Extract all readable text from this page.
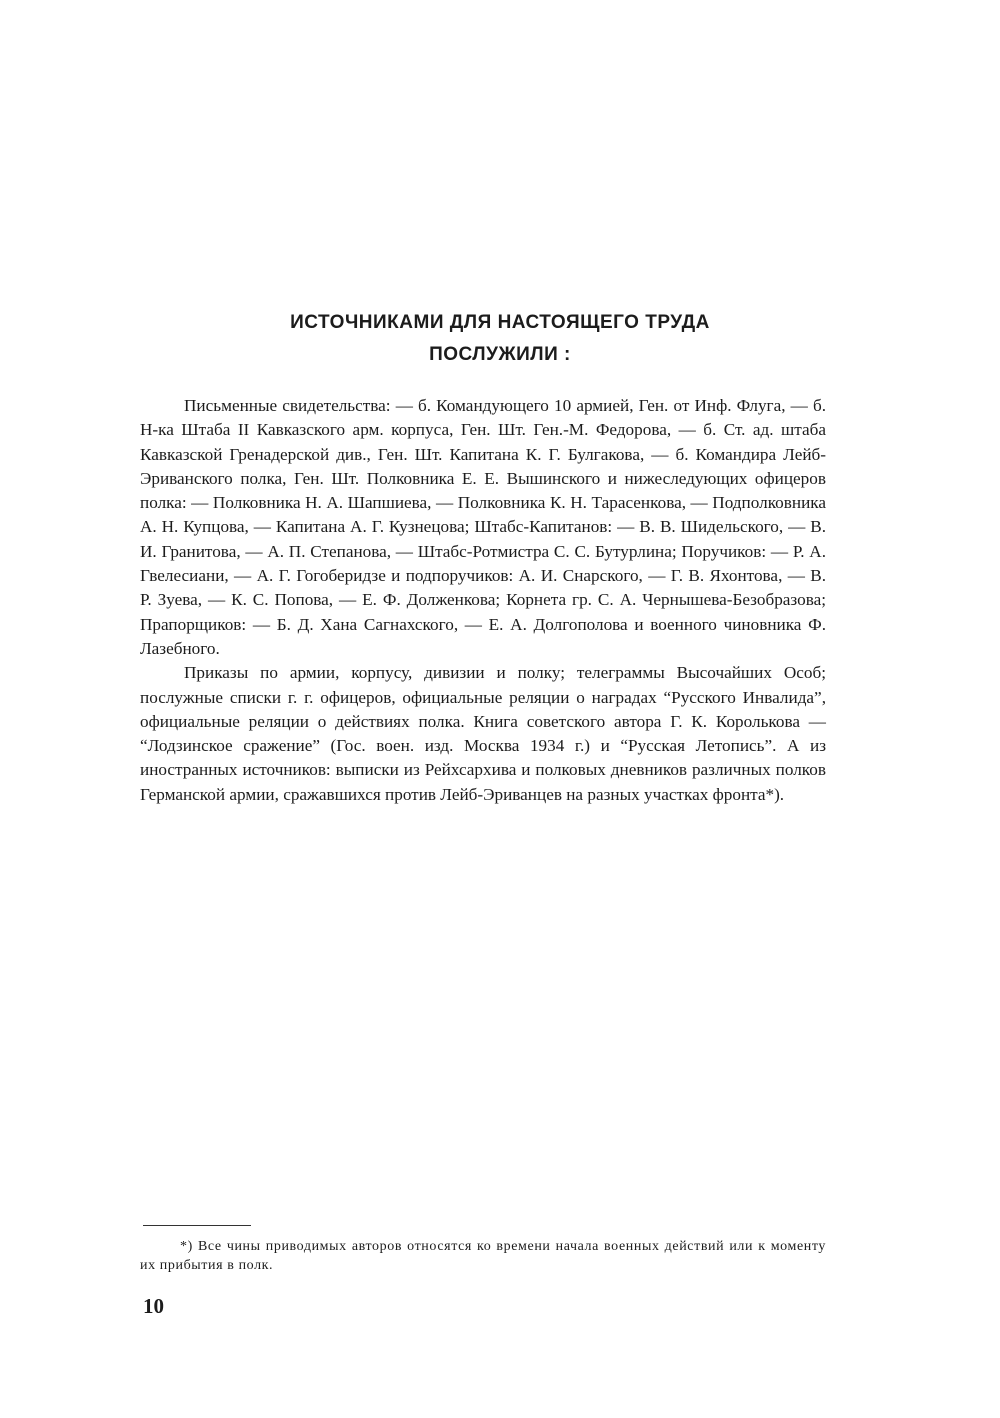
ИСТОЧНИКАМИ ДЛЯ НАСТОЯЩЕГО ТРУДА
ПОСЛУЖИЛИ :

Письменные свидетельства: — б. Командующего 10 армией, Ген. от Инф. Флуга, — б. Н-ка Штаба II Кавказского арм. корпуса, Ген. Шт. Ген.-М. Федорова, — б. Ст. ад. штаба Кавказской Гренадерской див., Ген. Шт. Капитана К. Г. Булгакова, — б. Командира Лейб-Эриванского полка, Ген. Шт. Полковника Е. Е. Вышинского и нижеследующих офицеров полка: — Полковника Н. А. Шапшиева, — Полковника К. Н. Тарасенкова, — Подполковника А. Н. Купцова, — Капитана А. Г. Кузнецова; Штабс-Капитанов: — В. В. Шидельского, — В. И. Гранитова, — А. П. Степанова, — Штабс-Ротмистра С. С. Бутурлина; Поручиков: — Р. А. Гвелесиани, — А. Г. Гогоберидзе и подпоручиков: А. И. Снарского, — Г. В. Яхонтова, — В. Р. Зуева, — К. С. Попова, — Е. Ф. Долженкова; Корнета гр. С. А. Чернышева-Безобразова; Прапорщиков: — Б. Д. Хана Сагнахского, — Е. А. Долгополова и военного чиновника Ф. Лазебного.

Приказы по армии, корпусу, дивизии и полку; телеграммы Высочайших Особ; послужные списки г. г. офицеров, официальные реляции о наградах “Русского Инвалида”, официальные реляции о действиях полка. Книга советского автора Г. К. Королькова — “Лодзинское сражение” (Гос. воен. изд. Москва 1934 г.) и “Русская Летопись”. А из иностранных источников: выписки из Рейхсархива и полковых дневников различных полков Германской армии, сражавшихся против Лейб-Эриванцев на разных участках фронта*).

*) Все чины приводимых авторов относятся ко времени начала военных действий или к моменту их прибытия в полк.
10
